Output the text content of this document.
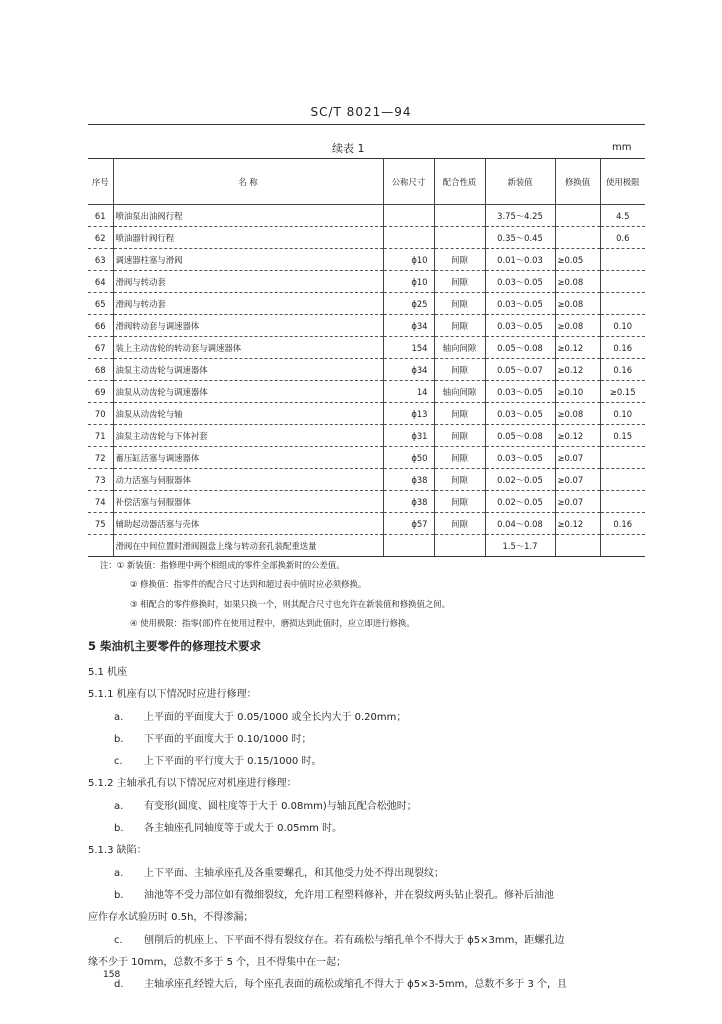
SC/T 8021—94
续表 1	mm
序号	名 称	公称尺寸	配合性质	新装值	修换值	使用极限
61	喷油泵出油阀行程			3.75～4.25		4.5
62	喷油器针阀行程			0.35～0.45		0.6
63	调速器柱塞与滑阀	ϕ10	间隙	0.01～0.03	≥0.05	
64	滑阀与转动套	ϕ10	间隙	0.03～0.05	≥0.08	
65	滑阀与转动套	ϕ25	间隙	0.03～0.05	≥0.08	
66	滑阀转动套与调速器体	ϕ34	间隙	0.03～0.05	≥0.08	0.10
67	装上主动齿轮的转动套与调速器体	154	轴向间隙	0.05～0.08	≥0.12	0.16
68	油泵主动齿轮与调速器体	ϕ34	间隙	0.05～0.07	≥0.12	0.16
69	油泵从动齿轮与调速器体	14	轴向间隙	0.03～0.05	≥0.10	≥0.15
70	油泵从动齿轮与轴	ϕ13	间隙	0.03～0.05	≥0.08	0.10
71	油泵主动齿轮与下体衬套	ϕ31	间隙	0.05～0.08	≥0.12	0.15
72	蓄压缸活塞与调速器体	ϕ50	间隙	0.03～0.05	≥0.07	
73	动力活塞与伺服器体	ϕ38	间隙	0.02～0.05	≥0.07	
74	补偿活塞与伺服器体	ϕ38	间隙	0.02～0.05	≥0.07	
75	辅助起动器活塞与壳体	ϕ57	间隙	0.04～0.08	≥0.12	0.16
	滑阀在中间位置时滑阀圆盘上缘与转动套孔装配重迭量			1.5～1.7		
注：① 新装值：指修理中两个相组成的零件全部换新时的公差值。
② 修换值：指零件的配合尺寸达到和超过表中值时应必须修换。
③ 相配合的零件修换时，如果只换一个，则其配合尺寸也允许在新装值和修换值之间。
④ 使用极限：指零(部)件在使用过程中，磨损达到此值时，应立即进行修换。
5 柴油机主要零件的修理技术要求
5.1 机座
5.1.1 机座有以下情况时应进行修理：
a. 上平面的平面度大于 0.05/1000 或全长内大于 0.20mm；
b. 下平面的平面度大于 0.10/1000 时；
c. 上下平面的平行度大于 0.15/1000 时。
5.1.2 主轴承孔有以下情况应对机座进行修理：
a. 有变形(圆度、圆柱度等于大于 0.08mm)与轴瓦配合松弛时；
b. 各主轴座孔同轴度等于或大于 0.05mm 时。
5.1.3 缺陷：
a. 上下平面、主轴承座孔及各重要螺孔，和其他受力处不得出现裂纹；
b. 油池等不受力部位如有微细裂纹，允许用工程塑料修补，并在裂纹两头钻止裂孔。修补后油池
应作存水试验历时 0.5h，不得渗漏；
c. 刨削后的机座上、下平面不得有裂纹存在。若有疏松与缩孔单个不得大于 ϕ5×3mm，距螺孔边
缘不少于 10mm，总数不多于 5 个，且不得集中在一起；
d. 主轴承座孔经镗大后，每个座孔表面的疏松或缩孔不得大于 ϕ5×3-5mm，总数不多于 3 个，且
158
